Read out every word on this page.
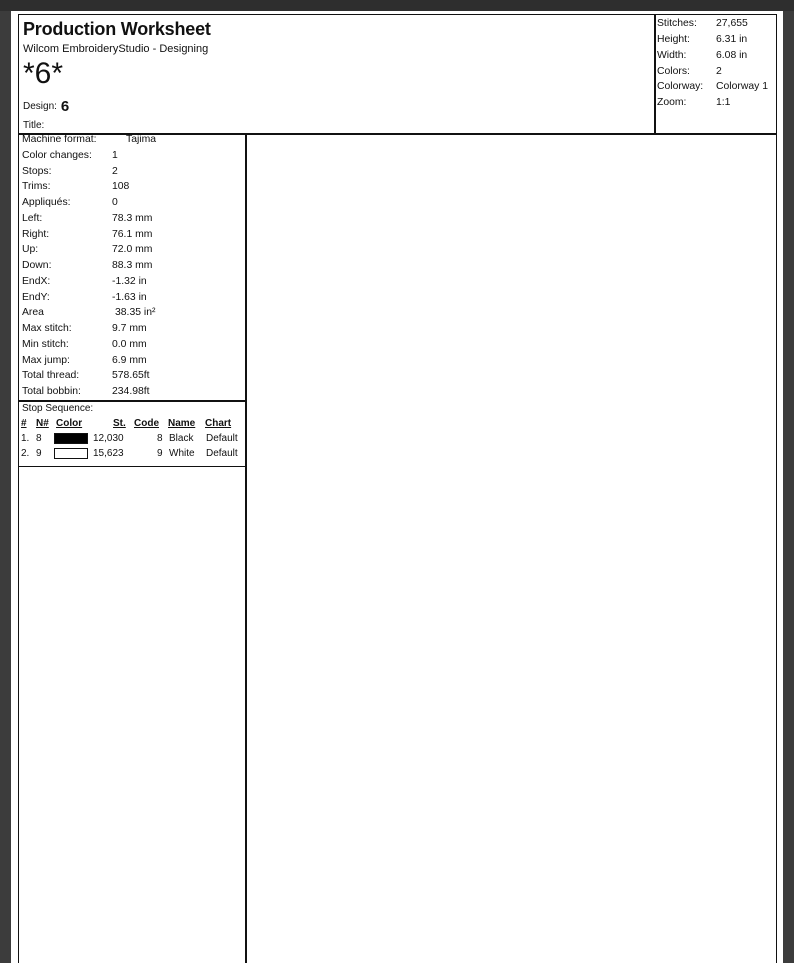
Production Worksheet
Wilcom EmbroideryStudio - Designing
*6*
Design: 6
Title:
Stitches: 27,655
Height:	6.31 in
Width:	6.08 in
Colors:	2
Colorway: Colorway 1
Zoom:	1:1
Machine format:	Tajima
Color changes: 1
Stops:	2
Trims:	108
Appliqués:	0
Left:	78.3 mm
Right:	76.1 mm
Up:	72.0 mm
Down:	88.3 mm
EndX:	-1.32 in
EndY:	-1.63 in
Area	38.35 in²
Max stitch:	9.7 mm
Min stitch:	0.0 mm
Max jump:	6.9 mm
Total thread:	578.65ft
Total bobbin:	234.98ft
Stop Sequence:
# N# Color	St. Code Name Chart
1. 8	12,030	8 Black Default
2. 9	15,623	9 White Default
